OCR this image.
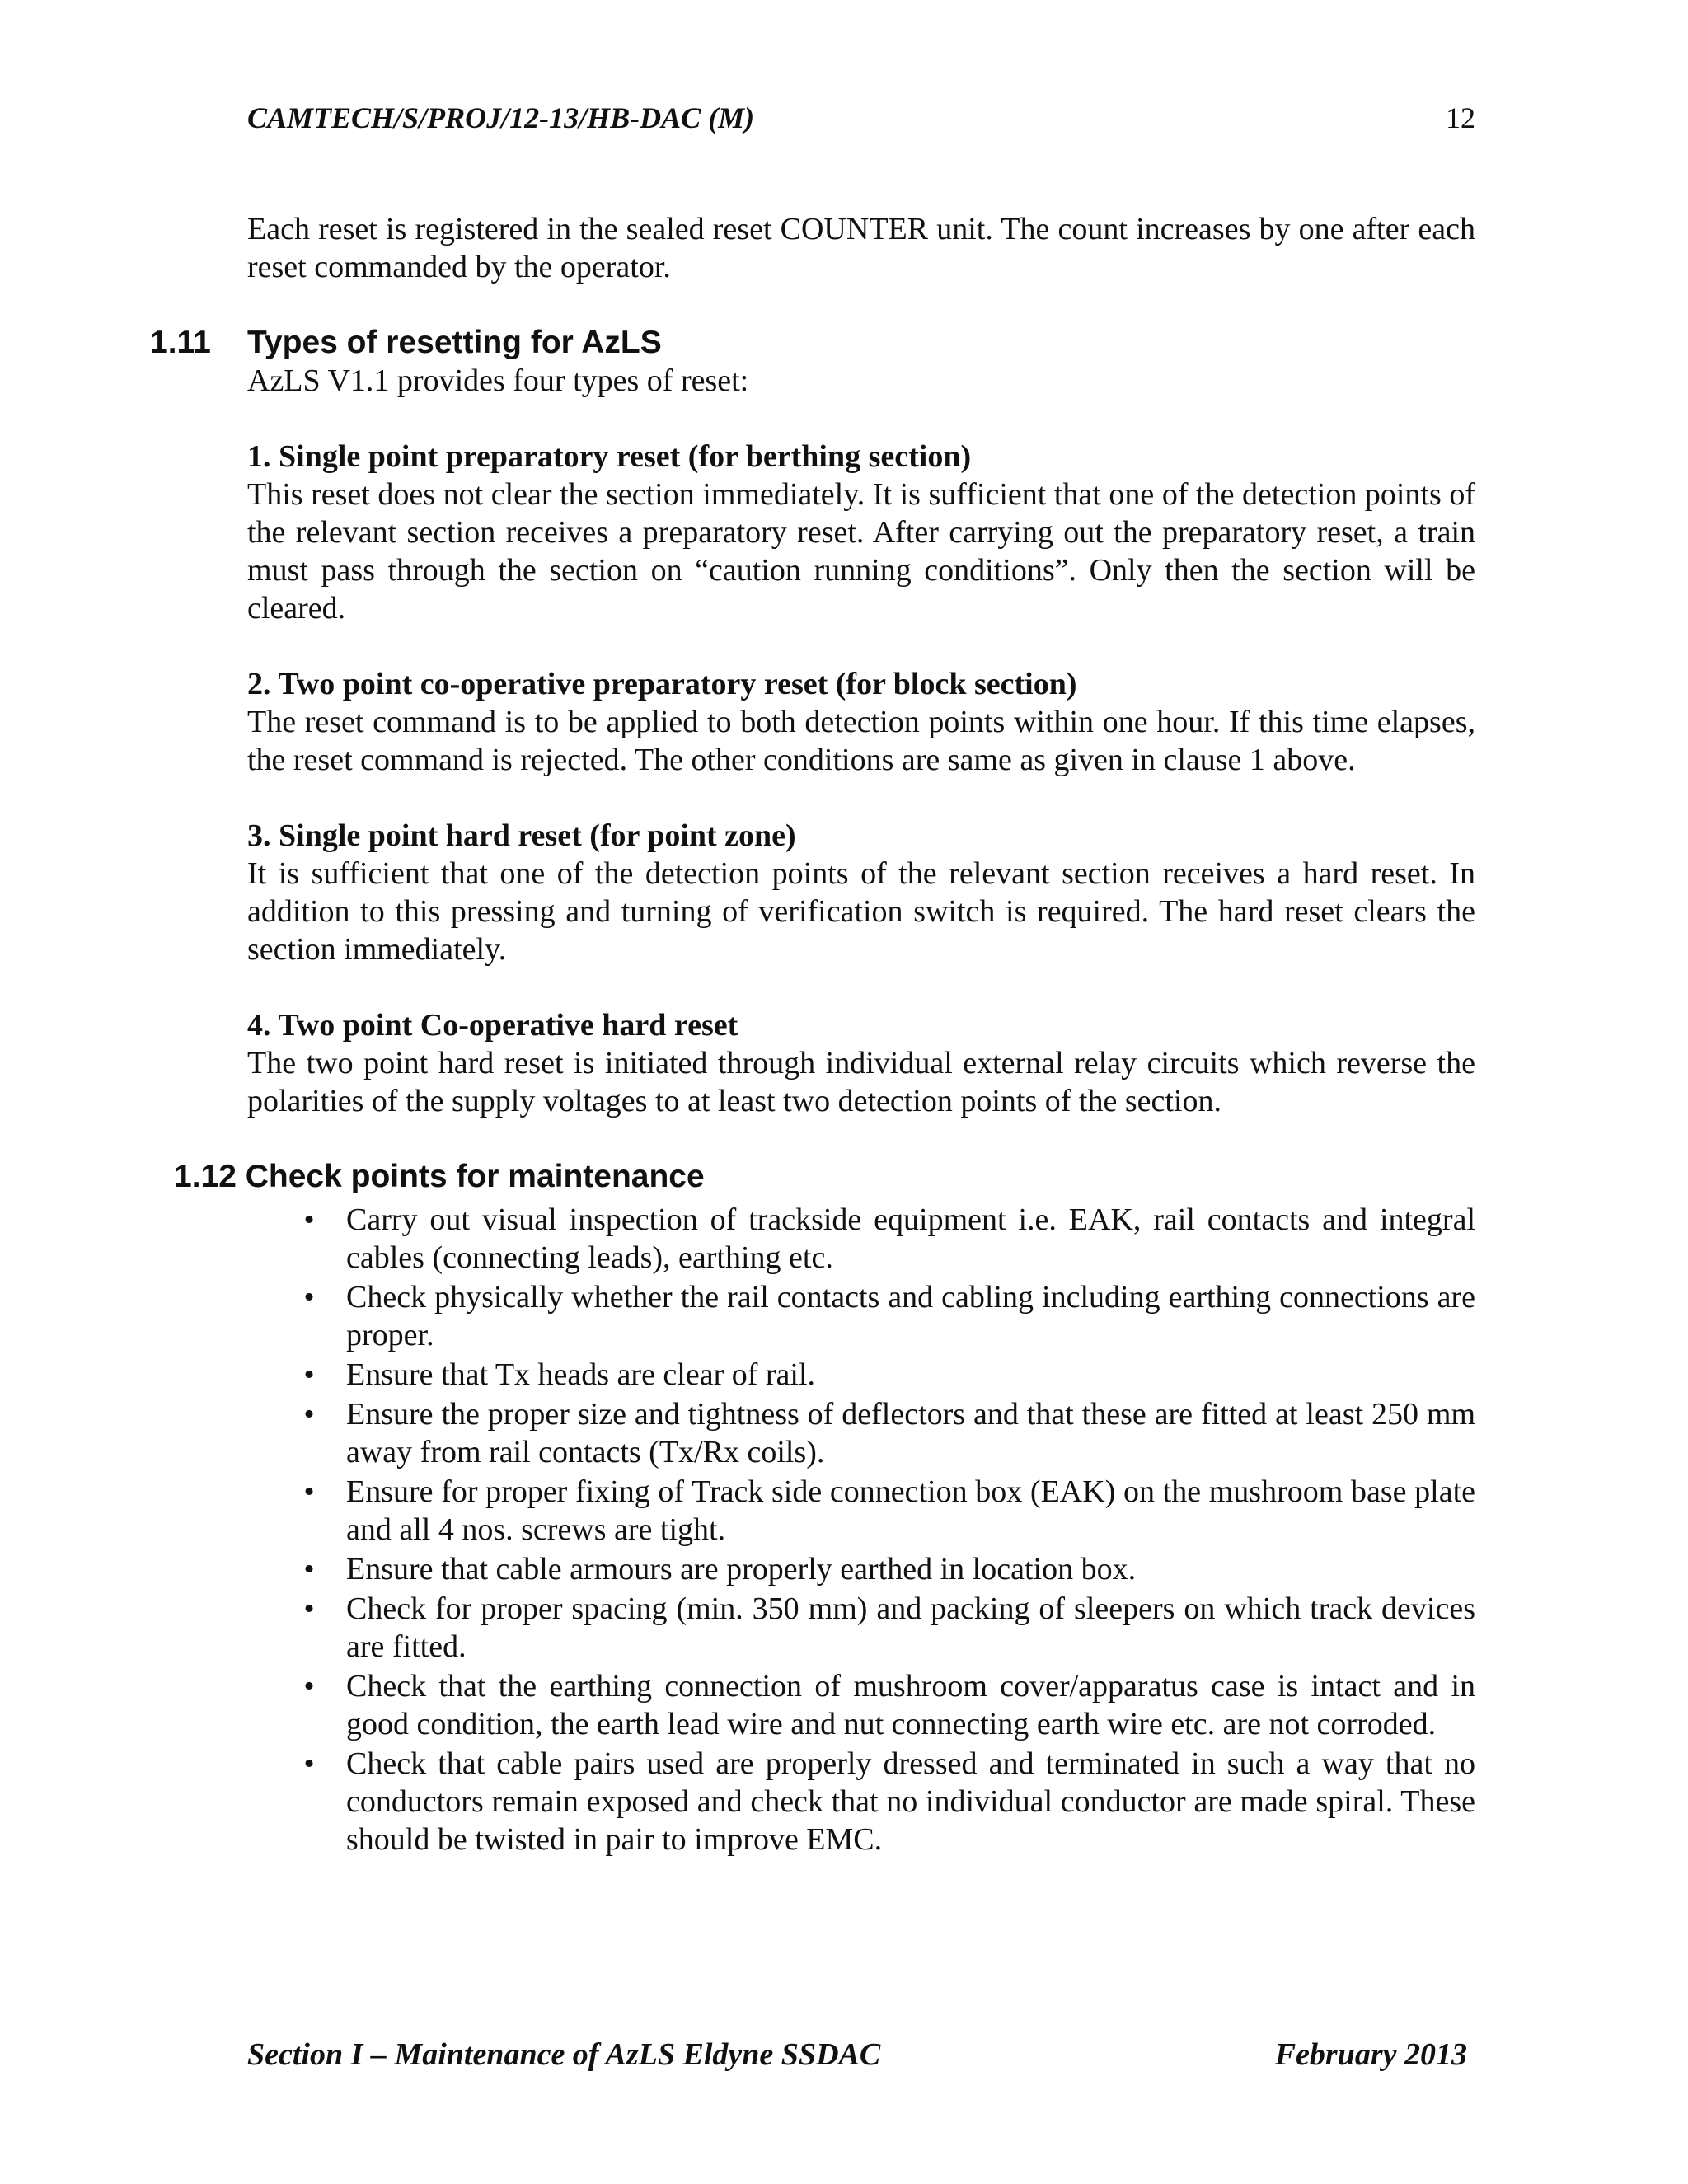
CAMTECH/S/PROJ/12-13/HB-DAC (M)	12

Each reset is registered in the sealed reset COUNTER unit. The count increases by one after each reset commanded by the operator.

1.11 Types of resetting for AzLS

AzLS V1.1 provides four types of reset:

1. Single point preparatory reset (for berthing section)

This reset does not clear the section immediately. It is sufficient that one of the detection points of the relevant section receives a preparatory reset. After carrying out the preparatory reset, a train must pass through the section on “caution running conditions”. Only then the section will be cleared.

2. Two point co-operative preparatory reset (for block section)

The reset command is to be applied to both detection points within one hour. If this time elapses, the reset command is rejected. The other conditions are same as given in clause 1 above.

3. Single point hard reset (for point zone)

It is sufficient that one of the detection points of the relevant section receives a hard reset. In addition to this pressing and turning of verification switch is required. The hard reset clears the section immediately.

4. Two point Co-operative hard reset

The two point hard reset is initiated through individual external relay circuits which reverse the polarities of the supply voltages to at least two detection points of the section.

1.12 Check points for maintenance
• Carry out visual inspection of trackside equipment i.e. EAK, rail contacts and integral cables (connecting leads), earthing etc.
• Check physically whether the rail contacts and cabling including earthing connections are proper.
• Ensure that Tx heads are clear of rail.
• Ensure the proper size and tightness of deflectors and that these are fitted at least 250 mm away from rail contacts (Tx/Rx coils).
• Ensure for proper fixing of Track side connection box (EAK) on the mushroom base plate and all 4 nos. screws are tight.
• Ensure that cable armours are properly earthed in location box.
• Check for proper spacing (min. 350 mm) and packing of sleepers on which track devices are fitted.
• Check that the earthing connection of mushroom cover/apparatus case is intact and in good condition, the earth lead wire and nut connecting earth wire etc. are not corroded.
• Check that cable pairs used are properly dressed and terminated in such a way that no conductors remain exposed and check that no individual conductor are made spiral. These should be twisted in pair to improve EMC.
Section I – Maintenance of AzLS Eldyne SSDAC	February 2013
